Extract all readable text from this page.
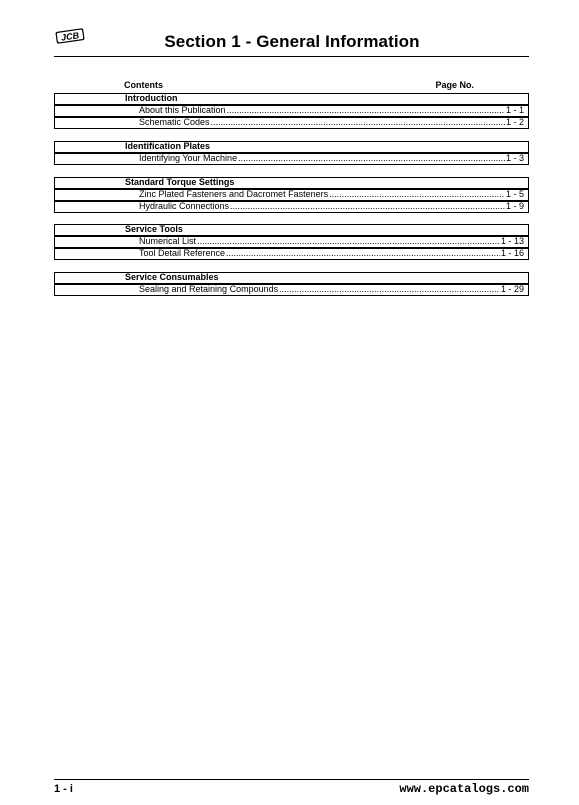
JCB	Section 1 - General Information
Contents	Page No.
Introduction
About this Publication .....	1 - 1
Schematic Codes .....	1 - 2
Identification Plates
Identifying Your Machine .....	1 - 3
Standard Torque Settings
Zinc Plated Fasteners and Dacromet Fasteners .....	1 - 5
Hydraulic Connections .....	1 - 9
Service Tools
Numerical List .....	1 - 13
Tool Detail Reference .....	1 - 16
Service Consumables
Sealing and Retaining Compounds .....	1 - 29
1 - i	www.epcatalogs.com
